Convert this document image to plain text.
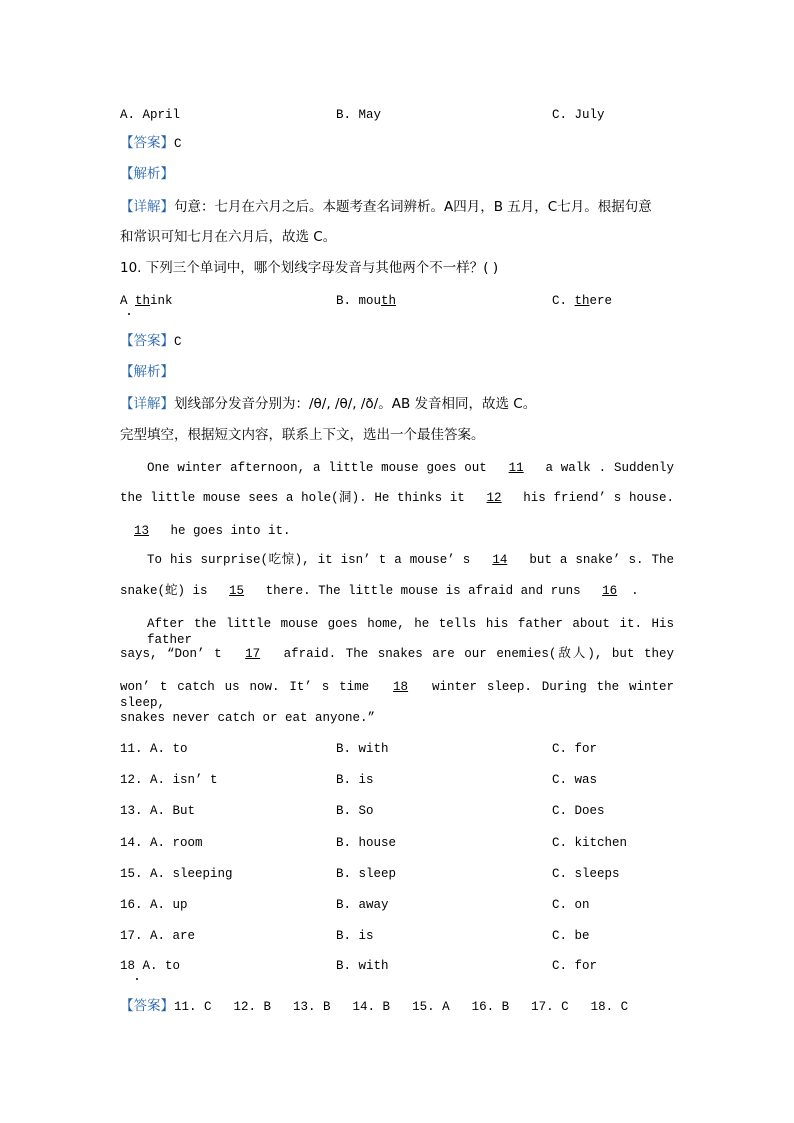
A. April	B. May	C. July
【答案】C
【解析】
【详解】句意：七月在六月之后。本题考查名词辨析。A四月，B 五月，C七月。根据句意
和常识可知七月在六月后，故选 C。
10. 下列三个单词中，哪个划线字母发音与其他两个不一样？( )
A think	B. mouth	C. there
【答案】C
【解析】
【详解】划线部分发音分别为：/θ/, /θ/, /ð/。AB 发音相同，故选 C。
完型填空，根据短文内容，联系上下文，选出一个最佳答案。
One winter afternoon, a little mouse goes out 11 a walk . Suddenly
the little mouse sees a hole(洞). He thinks it 12 his friend’ s house.
13 he goes into it.
To his surprise(吃惊), it isn’ t a mouse’ s 14 but a snake’ s. The
snake(蛇) is 15 there. The little mouse is afraid and runs 16 .
After the little mouse goes home, he tells his father about it. His father
says, “Don’ t 17 afraid. The snakes are our enemies(敌人), but they
won’ t catch us now. It’ s time 18 winter sleep. During the winter sleep,
snakes never catch or eat anyone.”
11. A. to	B. with	C. for
12. A. isn’ t	B. is	C. was
13. A. But	B. So	C. Does
14. A. room	B. house	C. kitchen
15. A. sleeping	B. sleep	C. sleeps
16. A. up	B. away	C. on
17. A. are	B. is	C. be
18 A. to	B. with	C. for
【答案】11. C 12. B 13. B 14. B 15. A 16. B 17. C 18. C
